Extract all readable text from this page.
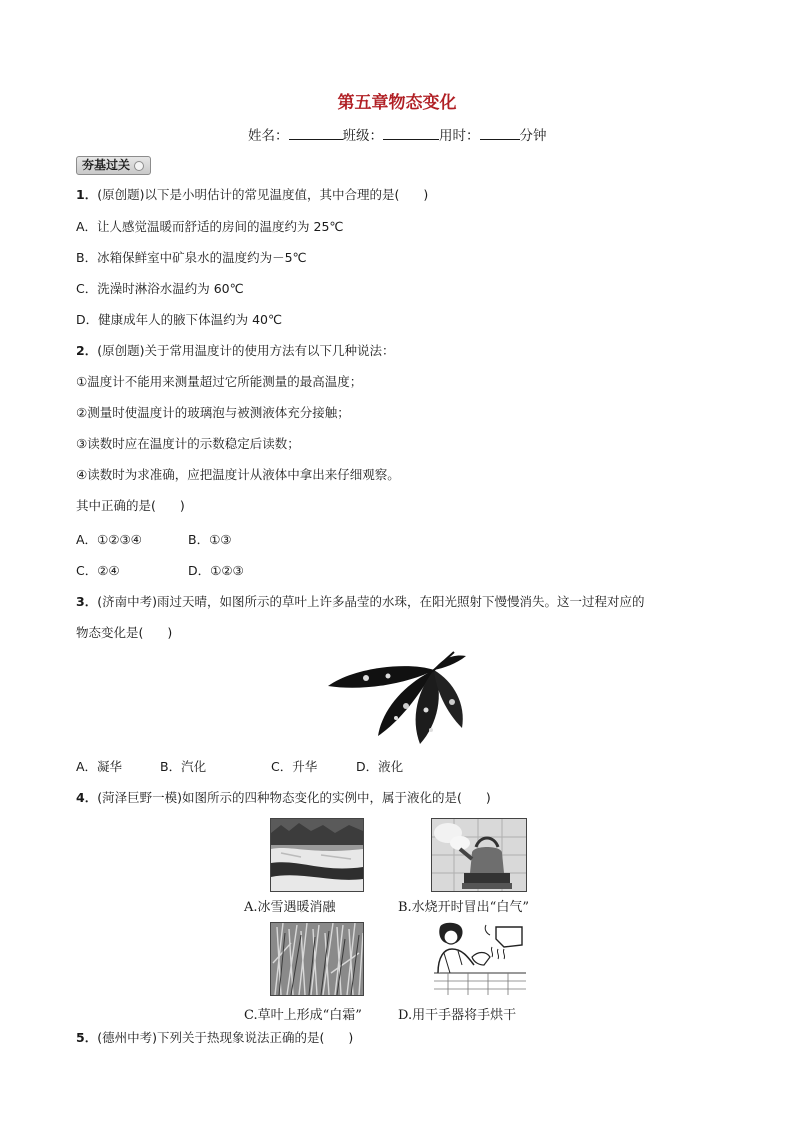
第五章物态变化
姓名：	班级：	用时：	分钟
夯基过关
1．(原创题)以下是小明估计的常见温度值，其中合理的是( )
A．让人感觉温暖而舒适的房间的温度约为 25℃
B．冰箱保鲜室中矿泉水的温度约为－5℃
C．洗澡时淋浴水温约为 60℃
D．健康成年人的腋下体温约为 40℃
2．(原创题)关于常用温度计的使用方法有以下几种说法：
①温度计不能用来测量超过它所能测量的最高温度；
②测量时使温度计的玻璃泡与被测液体充分接触；
③读数时应在温度计的示数稳定后读数；
④读数时为求准确，应把温度计从液体中拿出来仔细观察。
其中正确的是( )
A．①②③④	B．①③
C．②④	D．①②③
3．(济南中考)雨过天晴，如图所示的草叶上许多晶莹的水珠，在阳光照射下慢慢消失。这一过程对应的
物态变化是( )
A．凝华	B．汽化	C．升华	D．液化
4．(菏泽巨野一模)如图所示的四种物态变化的实例中，属于液化的是( )
A.冰雪遇暖消融	B.水烧开时冒出“白气”
C.草叶上形成“白霜”	D.用干手器将手烘干
5．(德州中考)下列关于热现象说法正确的是( )
